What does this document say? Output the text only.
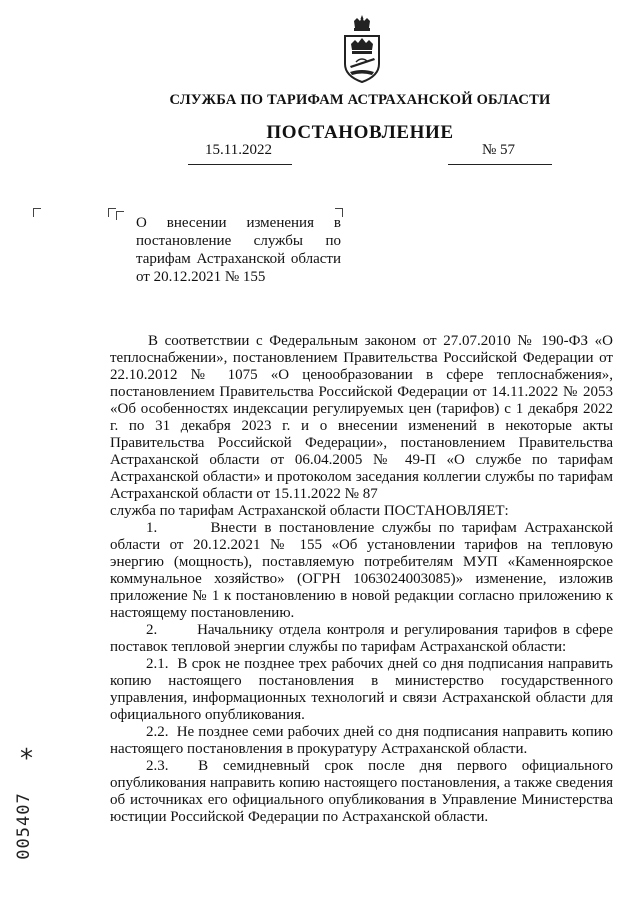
СЛУЖБА ПО ТАРИФАМ АСТРАХАНСКОЙ ОБЛАСТИ
ПОСТАНОВЛЕНИЕ
15.11.2022	№ 57
О внесении изменения в
постановление службы по
тарифам Астраханской области
от 20.12.2021 № 155

В соответствии с Федеральным законом от 27.07.2010 № 190-ФЗ «О теплоснабжении», постановлением Правительства Российской Федерации от 22.10.2012 № 1075 «О ценообразовании в сфере теплоснабжения», постановлением Правительства Российской Федерации от 14.11.2022 № 2053 «Об особенностях индексации регулируемых цен (тарифов) с 1 декабря 2022 г. по 31 декабря 2023 г. и о внесении изменений в некоторые акты Правительства Российской Федерации», постановлением Правительства Астраханской области от 06.04.2005 № 49-П «О службе по тарифам Астраханской области» и протоколом заседания коллегии службы по тарифам Астраханской области от 15.11.2022 № 87

служба по тарифам Астраханской области ПОСТАНОВЛЯЕТ:

1.       Внести в постановление службы по тарифам Астраханской области от 20.12.2021 № 155 «Об установлении тарифов на тепловую энергию (мощность), поставляемую потребителям МУП «Каменноярское коммунальное хозяйство» (ОГРН 1063024003085)» изменение, изложив приложение № 1 к постановлению в новой редакции согласно приложению к настоящему постановлению.

2.       Начальнику отдела контроля и регулирования тарифов в сфере поставок тепловой энергии службы по тарифам Астраханской области:

2.1.  В срок не позднее трех рабочих дней со дня подписания направить копию настоящего постановления в министерство государственного управления, информационных технологий и связи Астраханской области для официального опубликования.

2.2.  Не позднее семи рабочих дней со дня подписания направить копию настоящего постановления в прокуратуру Астраханской области.

2.3.  В семидневный срок после дня первого официального опубликования направить копию настоящего постановления, а также сведения об источниках его официального опубликования в Управление Министерства юстиции Российской Федерации по Астраханской области.

*
005407
